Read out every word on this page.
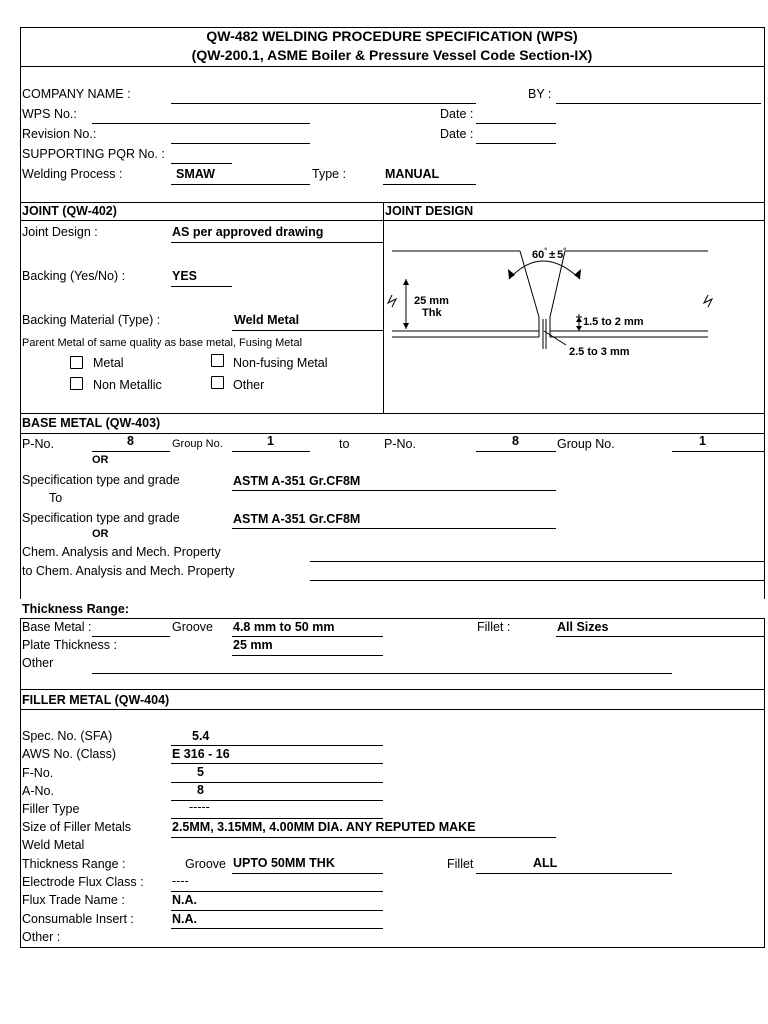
QW-482 WELDING PROCEDURE SPECIFICATION (WPS)
(QW-200.1, ASME Boiler & Pressure Vessel Code Section-IX)
COMPANY NAME :	BY :
WPS No.:	Date :
Revision No.:	Date :
SUPPORTING PQR No. :
Welding Process :	SMAW	Type :	MANUAL
JOINT (QW-402)	JOINT DESIGN
Joint Design :	AS per approved drawing
Backing (Yes/No) :	YES
Backing Material (Type) :	Weld Metal
Parent Metal of same quality as base metal, Fusing Metal
Metal	Non-fusing Metal
Non Metallic	Other
60° ± 5°
25 mm
Thk
1.5 to 2 mm
2.5 to 3 mm
BASE METAL (QW-403)
P-No.	8	Group No.	1	to	P-No.	8	Group No.	1
OR
Specification type and grade	ASTM A-351 Gr.CF8M
To
Specification type and grade	ASTM A-351 Gr.CF8M
OR
Chem. Analysis and Mech. Property
to Chem. Analysis and Mech. Property
Thickness Range:
Base Metal :	Groove 4.8 mm to 50 mm	Fillet :	All Sizes
Plate Thickness :	25 mm
Other
FILLER METAL (QW-404)
Spec. No. (SFA)	5.4
AWS No. (Class)	E 316 - 16
F-No.	5
A-No.	8
Filler Type	-----
Size of Filler Metals	2.5MM, 3.15MM, 4.00MM DIA. ANY REPUTED MAKE
Weld Metal
Thickness Range :	Groove UPTO 50MM THK	Fillet	ALL
Electrode Flux Class : ----
Flux Trade Name :	N.A.
Consumable Insert :	N.A.
Other :
